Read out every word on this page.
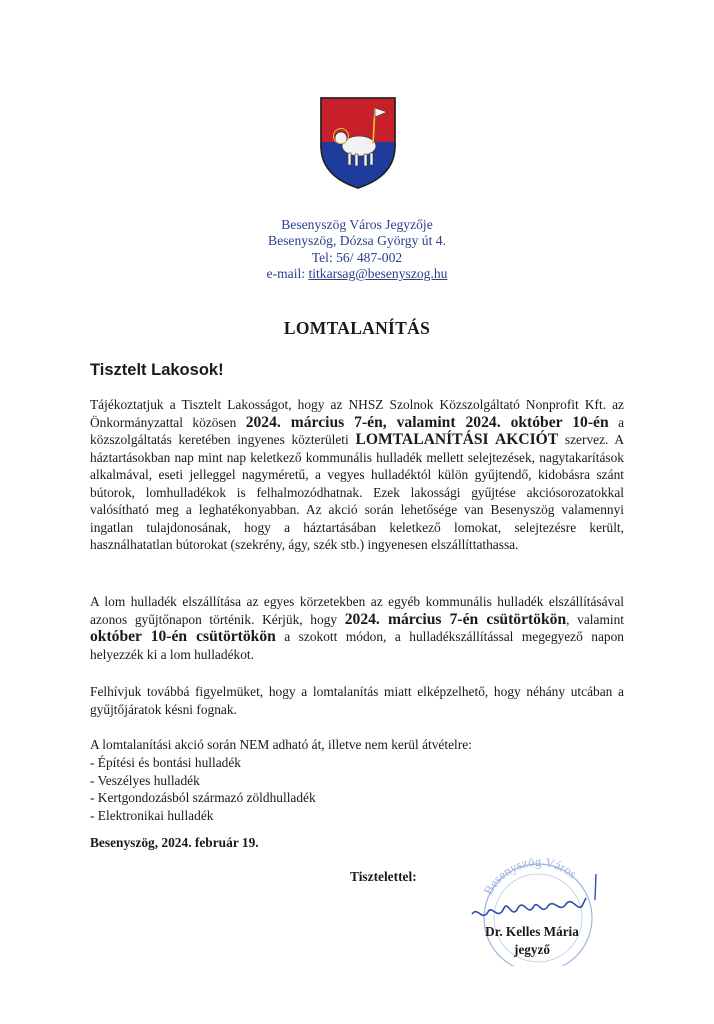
Besenyszög Város Jegyzője
Besenyszög, Dózsa György út 4.
Tel: 56/ 487-002
e-mail: titkarsag@besenyszog.hu
LOMTALANÍTÁS
Tisztelt Lakosok!

Tájékoztatjuk a Tisztelt Lakosságot, hogy az NHSZ Szolnok Közszolgáltató Nonprofit Kft. az Önkormányzattal közösen 2024. március 7-én, valamint 2024. október 10-én a közszolgáltatás keretében ingyenes közterületi LOMTALANÍTÁSI AKCIÓT szervez. A háztartásokban nap mint nap keletkező kommunális hulladék mellett selejtezések, nagytakarítások alkalmával, eseti jelleggel nagyméretű, a vegyes hulladéktól külön gyűjtendő, kidobásra szánt bútorok, lomhulladékok is felhalmozódhatnak. Ezek lakossági gyűjtése akciósorozatokkal valósítható meg a leghatékonyabban. Az akció során lehetősége van Besenyszög valamennyi ingatlan tulajdonosának, hogy a háztartásában keletkező lomokat, selejtezésre került, használhatatlan bútorokat (szekrény, ágy, szék stb.) ingyenesen elszállíttathassa.

A lom hulladék elszállítása az egyes körzetekben az egyéb kommunális hulladék elszállításával azonos gyűjtőnapon történik. Kérjük, hogy 2024. március 7-én csütörtökön, valamint október 10-én csütörtökön a szokott módon, a hulladékszállítással megegyező napon helyezzék ki a lom hulladékot.

Felhívjuk továbbá figyelmüket, hogy a lomtalanítás miatt elképzelhető, hogy néhány utcában a gyűjtőjáratok késni fognak.

A lomtalanítási akció során NEM adható át, illetve nem kerül átvételre:
- Építési és bontási hulladék
- Veszélyes hulladék
- Kertgondozásból származó zöldhulladék
- Elektronikai hulladék
Besenyszög, 2024. február 19.
Tisztelettel:
Besenyszög Város
Dr. Kelles Mária
jegyző
